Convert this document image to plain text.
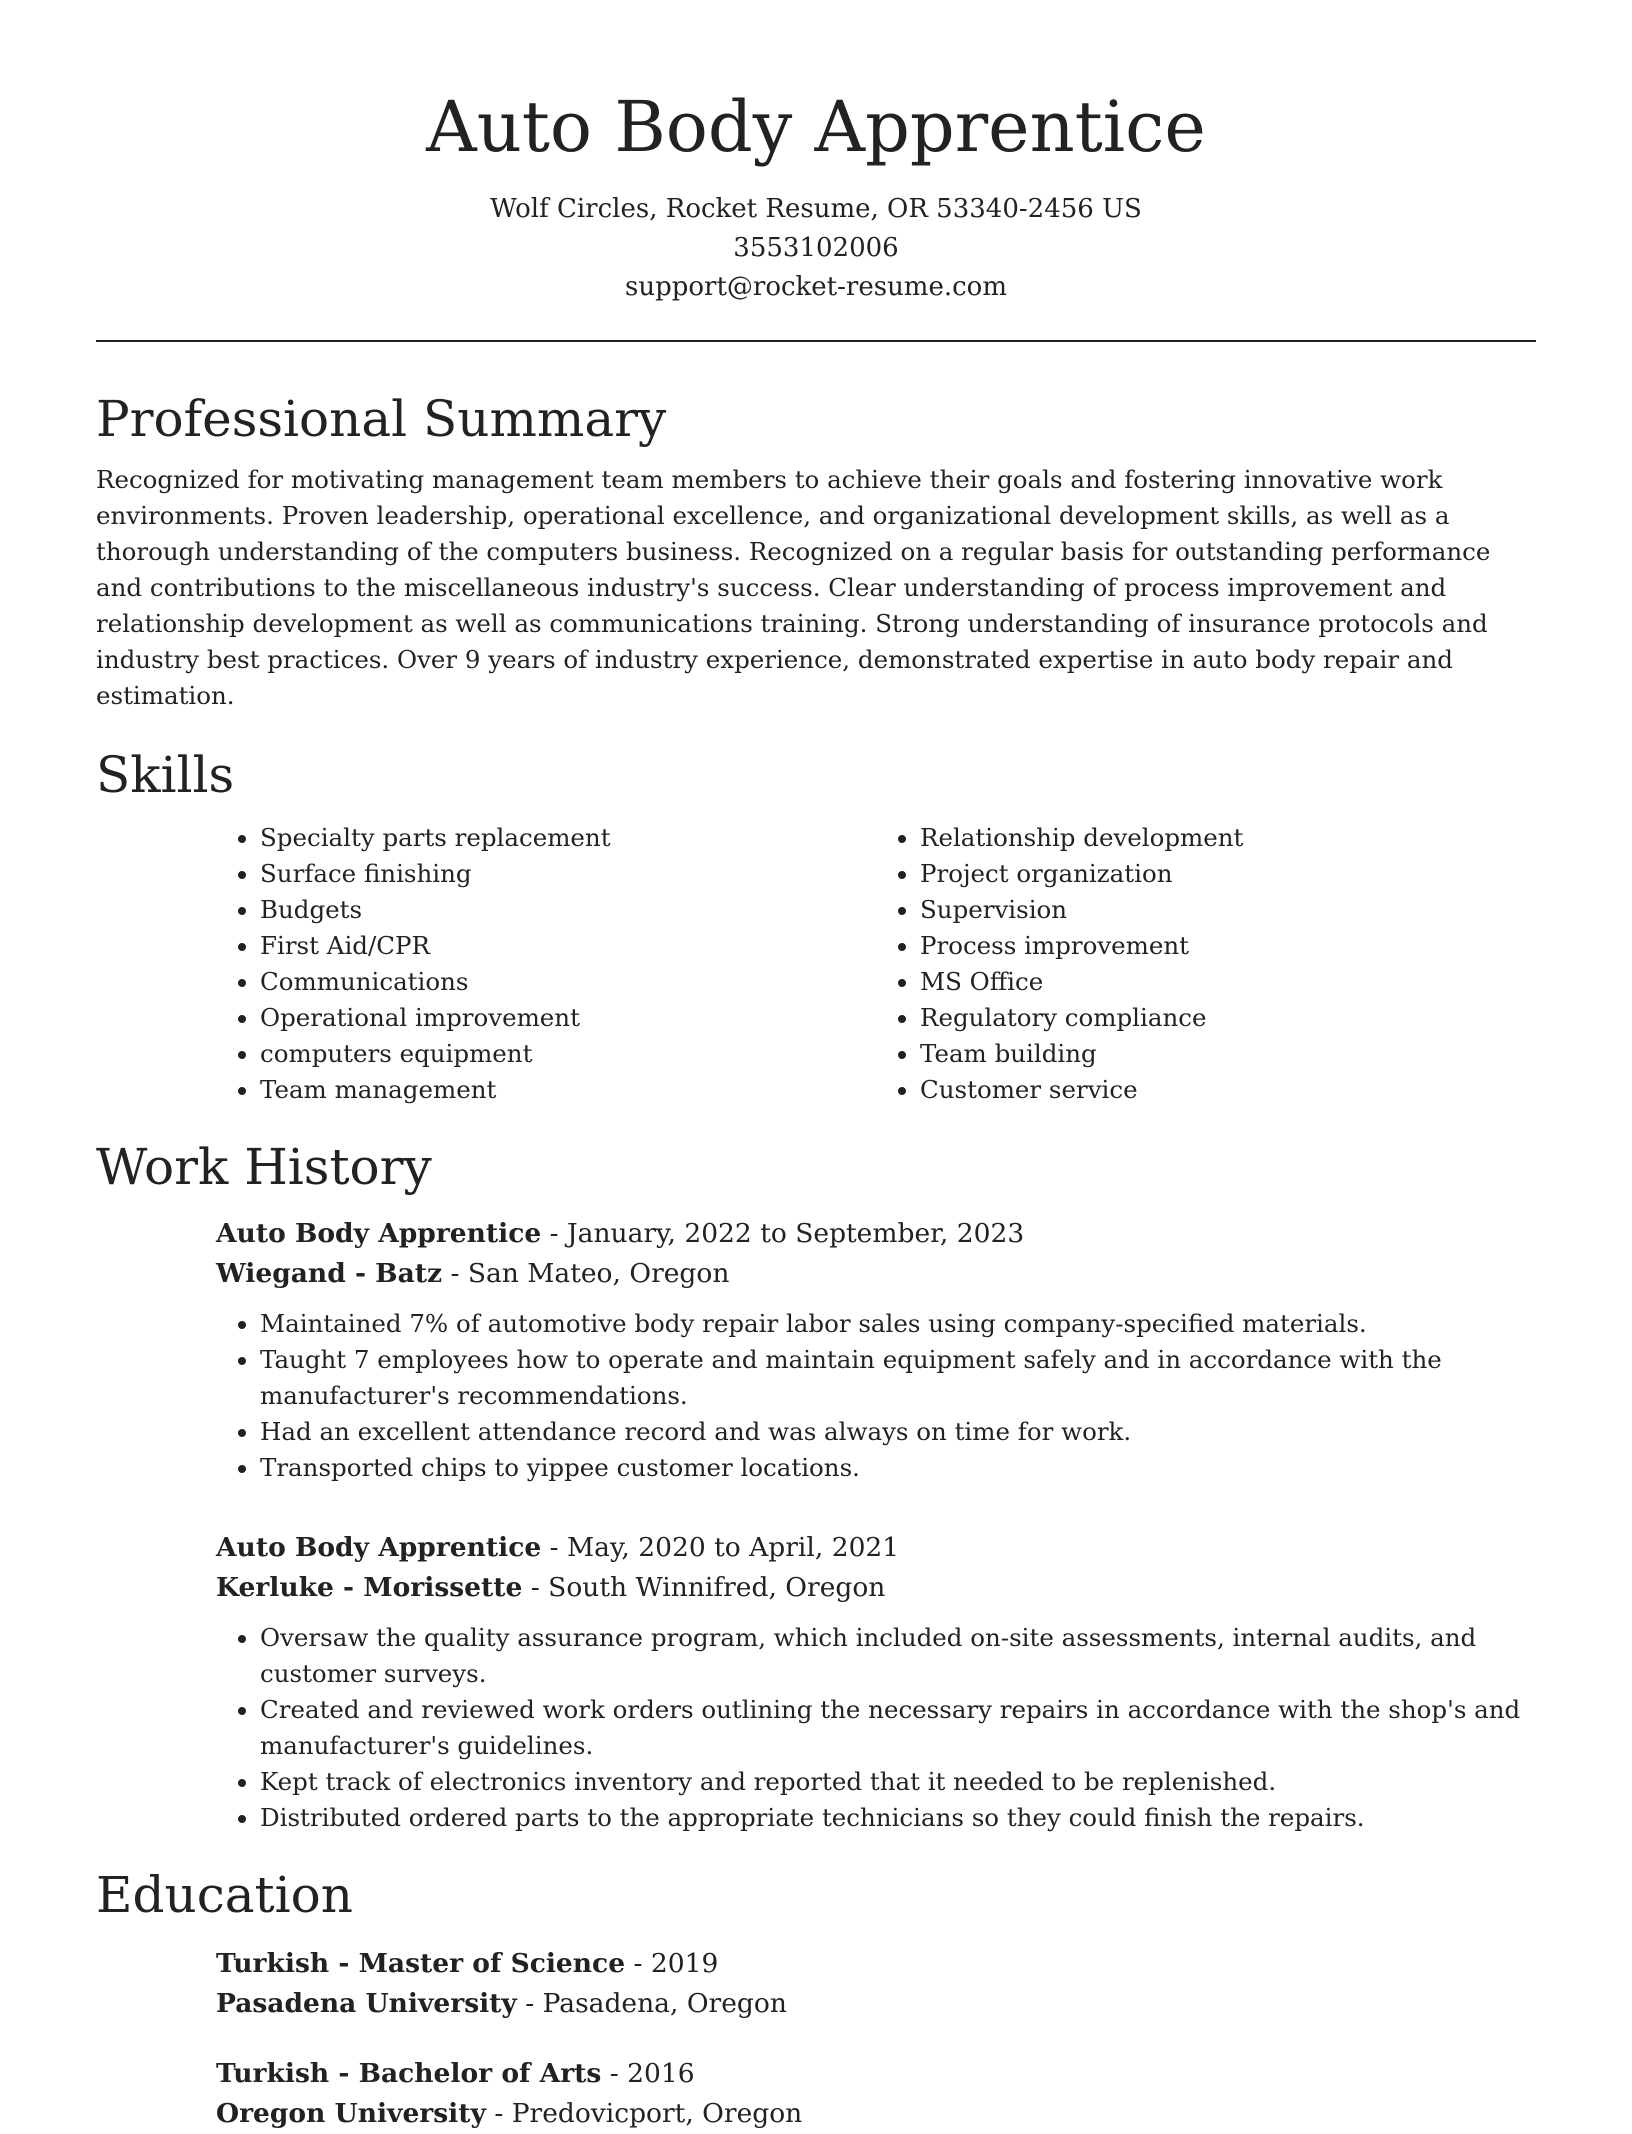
Auto Body Apprentice
Wolf Circles, Rocket Resume, OR 53340-2456 US
3553102006
support@rocket-resume.com
Professional Summary

Recognized for motivating management team members to achieve their goals and fostering innovative work environments. Proven leadership, operational excellence, and organizational development skills, as well as a thorough understanding of the computers business. Recognized on a regular basis for outstanding performance and contributions to the miscellaneous industry's success. Clear understanding of process improvement and relationship development as well as communications training. Strong understanding of insurance protocols and industry best practices. Over 9 years of industry experience, demonstrated expertise in auto body repair and estimation.

Skills
• Specialty parts replacement
• Surface finishing
• Budgets
• First Aid/CPR
• Communications
• Operational improvement
• computers equipment
• Team management
• Relationship development
• Project organization
• Supervision
• Process improvement
• MS Office
• Regulatory compliance
• Team building
• Customer service
Work History
Auto Body Apprentice - January, 2022 to September, 2023
Wiegand - Batz - San Mateo, Oregon
• Maintained 7% of automotive body repair labor sales using company-specified materials.
• Taught 7 employees how to operate and maintain equipment safely and in accordance with the manufacturer's recommendations.
• Had an excellent attendance record and was always on time for work.
• Transported chips to yippee customer locations.
Auto Body Apprentice - May, 2020 to April, 2021
Kerluke - Morissette - South Winnifred, Oregon
• Oversaw the quality assurance program, which included on-site assessments, internal audits, and customer surveys.
• Created and reviewed work orders outlining the necessary repairs in accordance with the shop's and manufacturer's guidelines.
• Kept track of electronics inventory and reported that it needed to be replenished.
• Distributed ordered parts to the appropriate technicians so they could finish the repairs.
Education
Turkish - Master of Science - 2019
Pasadena University - Pasadena, Oregon
Turkish - Bachelor of Arts - 2016
Oregon University - Predovicport, Oregon
